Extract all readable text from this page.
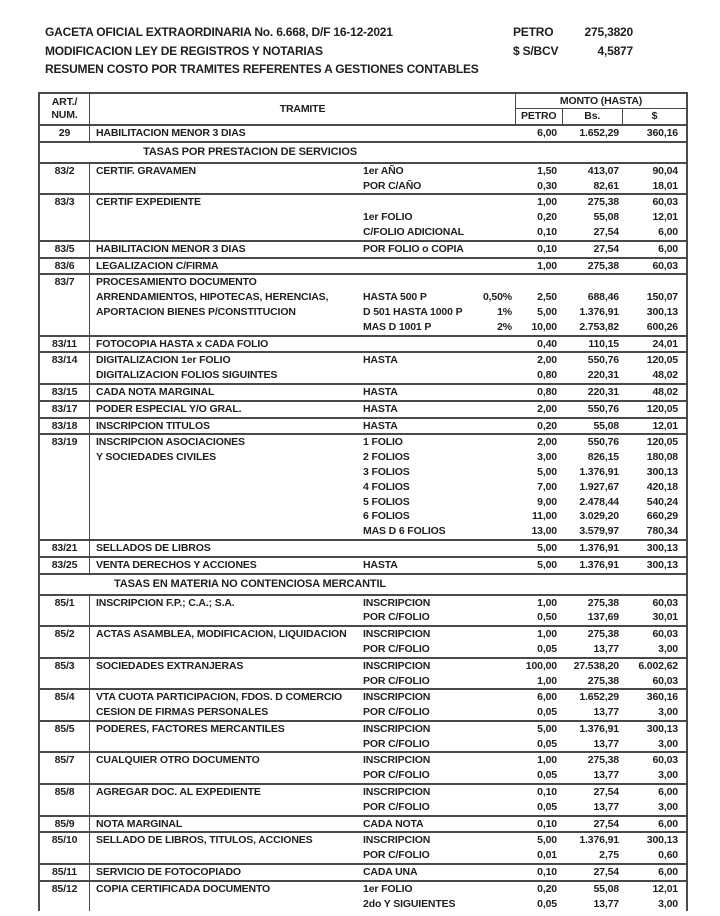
GACETA OFICIAL EXTRAORDINARIA No. 6.668, D/F 16-12-2021
MODIFICACION LEY DE REGISTROS Y NOTARIAS
RESUMEN COSTO POR TRAMITES REFERENTES A GESTIONES CONTABLES
PETRO	275,3820
$ S/BCV	4,5877
ART./
NUM.	TRAMITE
MONTO (HASTA)
PETRO	Bs.	$
29	HABILITACION MENOR 3 DIAS	6,00	1.652,29	360,16
TASAS POR PRESTACION DE SERVICIOS
83/2	CERTIF. GRAVAMEN	1er AÑO	1,50	413,07	90,04
POR C/AÑO	0,30	82,61	18,01
83/3	CERTIF EXPEDIENTE	1,00	275,38	60,03
1er FOLIO	0,20	55,08	12,01
C/FOLIO ADICIONAL	0,10	27,54	6,00
83/5	HABILITACION MENOR 3 DIAS	POR FOLIO o COPIA	0,10	27,54	6,00
83/6	LEGALIZACION C/FIRMA	1,00	275,38	60,03
83/7	PROCESAMIENTO DOCUMENTO
ARRENDAMIENTOS, HIPOTECAS, HERENCIAS,	HASTA 500 P	0,50%	2,50	688,46	150,07
APORTACION BIENES P/CONSTITUCION	D 501 HASTA 1000 P	1%	5,00	1.376,91	300,13
MAS D 1001 P	2%	10,00	2.753,82	600,26
83/11	FOTOCOPIA HASTA x CADA FOLIO	0,40	110,15	24,01
83/14	DIGITALIZACION 1er FOLIO	HASTA	2,00	550,76	120,05
DIGITALIZACION FOLIOS SIGUINTES	0,80	220,31	48,02
83/15	CADA NOTA MARGINAL	HASTA	0,80	220,31	48,02
83/17	PODER ESPECIAL Y/O GRAL.	HASTA	2,00	550,76	120,05
83/18	INSCRIPCION TITULOS	HASTA	0,20	55,08	12,01
83/19	INSCRIPCION ASOCIACIONES	1 FOLIO	2,00	550,76	120,05
Y SOCIEDADES CIVILES	2 FOLIOS	3,00	826,15	180,08
3 FOLIOS	5,00	1.376,91	300,13
4 FOLIOS	7,00	1.927,67	420,18
5 FOLIOS	9,00	2.478,44	540,24
6 FOLIOS	11,00	3.029,20	660,29
MAS D 6 FOLIOS	13,00	3.579,97	780,34
83/21	SELLADOS DE LIBROS	5,00	1.376,91	300,13
83/25	VENTA DERECHOS Y ACCIONES	HASTA	5,00	1.376,91	300,13
TASAS EN MATERIA NO CONTENCIOSA MERCANTIL
85/1	INSCRIPCION F.P.; C.A.; S.A.	INSCRIPCION	1,00	275,38	60,03
POR C/FOLIO	0,50	137,69	30,01
85/2	ACTAS ASAMBLEA, MODIFICACION, LIQUIDACION	INSCRIPCION	1,00	275,38	60,03
POR C/FOLIO	0,05	13,77	3,00
85/3	SOCIEDADES EXTRANJERAS	INSCRIPCION	100,00	27.538,20	6.002,62
POR C/FOLIO	1,00	275,38	60,03
85/4	VTA CUOTA PARTICIPACION, FDOS. D COMERCIO	INSCRIPCION	6,00	1.652,29	360,16
CESION DE FIRMAS PERSONALES	POR C/FOLIO	0,05	13,77	3,00
85/5	PODERES, FACTORES MERCANTILES	INSCRIPCION	5,00	1.376,91	300,13
POR C/FOLIO	0,05	13,77	3,00
85/7	CUALQUIER OTRO DOCUMENTO	INSCRIPCION	1,00	275,38	60,03
POR C/FOLIO	0,05	13,77	3,00
85/8	AGREGAR DOC. AL EXPEDIENTE	INSCRIPCION	0,10	27,54	6,00
POR C/FOLIO	0,05	13,77	3,00
85/9	NOTA MARGINAL	CADA NOTA	0,10	27,54	6,00
85/10	SELLADO DE LIBROS, TITULOS, ACCIONES	INSCRIPCION	5,00	1.376,91	300,13
POR C/FOLIO	0,01	2,75	0,60
85/11	SERVICIO DE FOTOCOPIADO	CADA UNA	0,10	27,54	6,00
85/12	COPIA CERTIFICADA DOCUMENTO	1er FOLIO	0,20	55,08	12,01
2do Y SIGUIENTES	0,05	13,77	3,00
